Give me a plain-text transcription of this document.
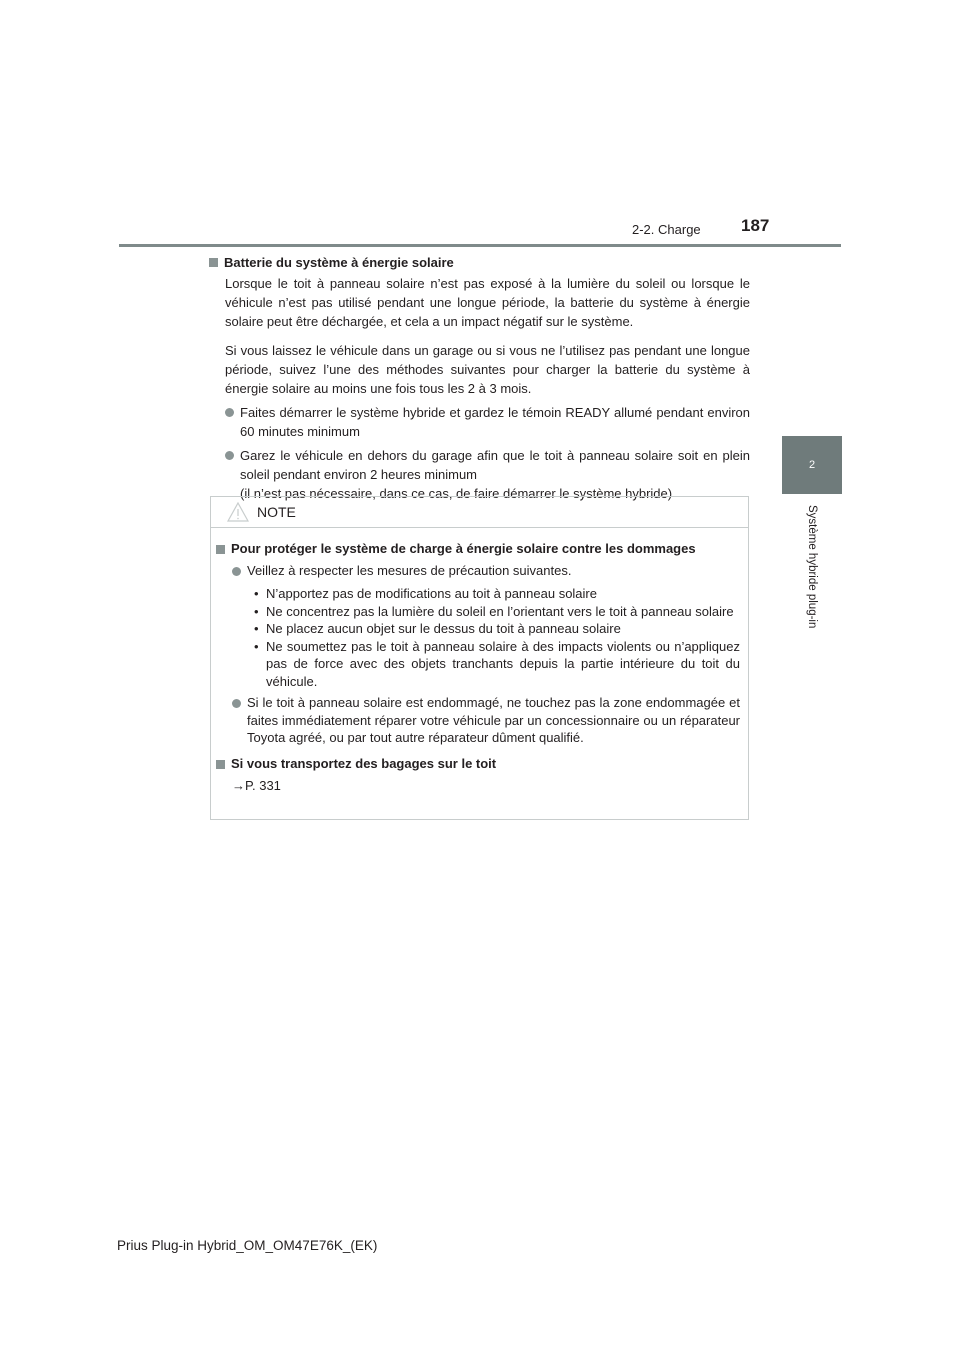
2-2. Charge 187
2
Système hybride plug-in
Batterie du système à énergie solaire
Lorsque le toit à panneau solaire n’est pas exposé à la lumière du soleil ou lorsque le véhicule n’est pas utilisé pendant une longue période, la batterie du système à énergie solaire peut être déchargée, et cela a un impact négatif sur le système.
Si vous laissez le véhicule dans un garage ou si vous ne l’utilisez pas pendant une longue période, suivez l’une des méthodes suivantes pour charger la batterie du système à énergie solaire au moins une fois tous les 2 à 3 mois.
Faites démarrer le système hybride et gardez le témoin READY allumé pendant environ 60 minutes minimum
Garez le véhicule en dehors du garage afin que le toit à panneau solaire soit en plein soleil pendant environ 2 heures minimum
(il n’est pas nécessaire, dans ce cas, de faire démarrer le système hybride)
NOTE
Pour protéger le système de charge à énergie solaire contre les dommages
Veillez à respecter les mesures de précaution suivantes.
• N’apportez pas de modifications au toit à panneau solaire
• Ne concentrez pas la lumière du soleil en l’orientant vers le toit à panneau solaire
• Ne placez aucun objet sur le dessus du toit à panneau solaire
• Ne soumettez pas le toit à panneau solaire à des impacts violents ou n’appliquez pas de force avec des objets tranchants depuis la partie intérieure du toit du véhicule.
Si le toit à panneau solaire est endommagé, ne touchez pas la zone endommagée et faites immédiatement réparer votre véhicule par un concessionnaire ou un réparateur Toyota agréé, ou par tout autre réparateur dûment qualifié.
Si vous transportez des bagages sur le toit
→P. 331
Prius Plug-in Hybrid_OM_OM47E76K_(EK)
